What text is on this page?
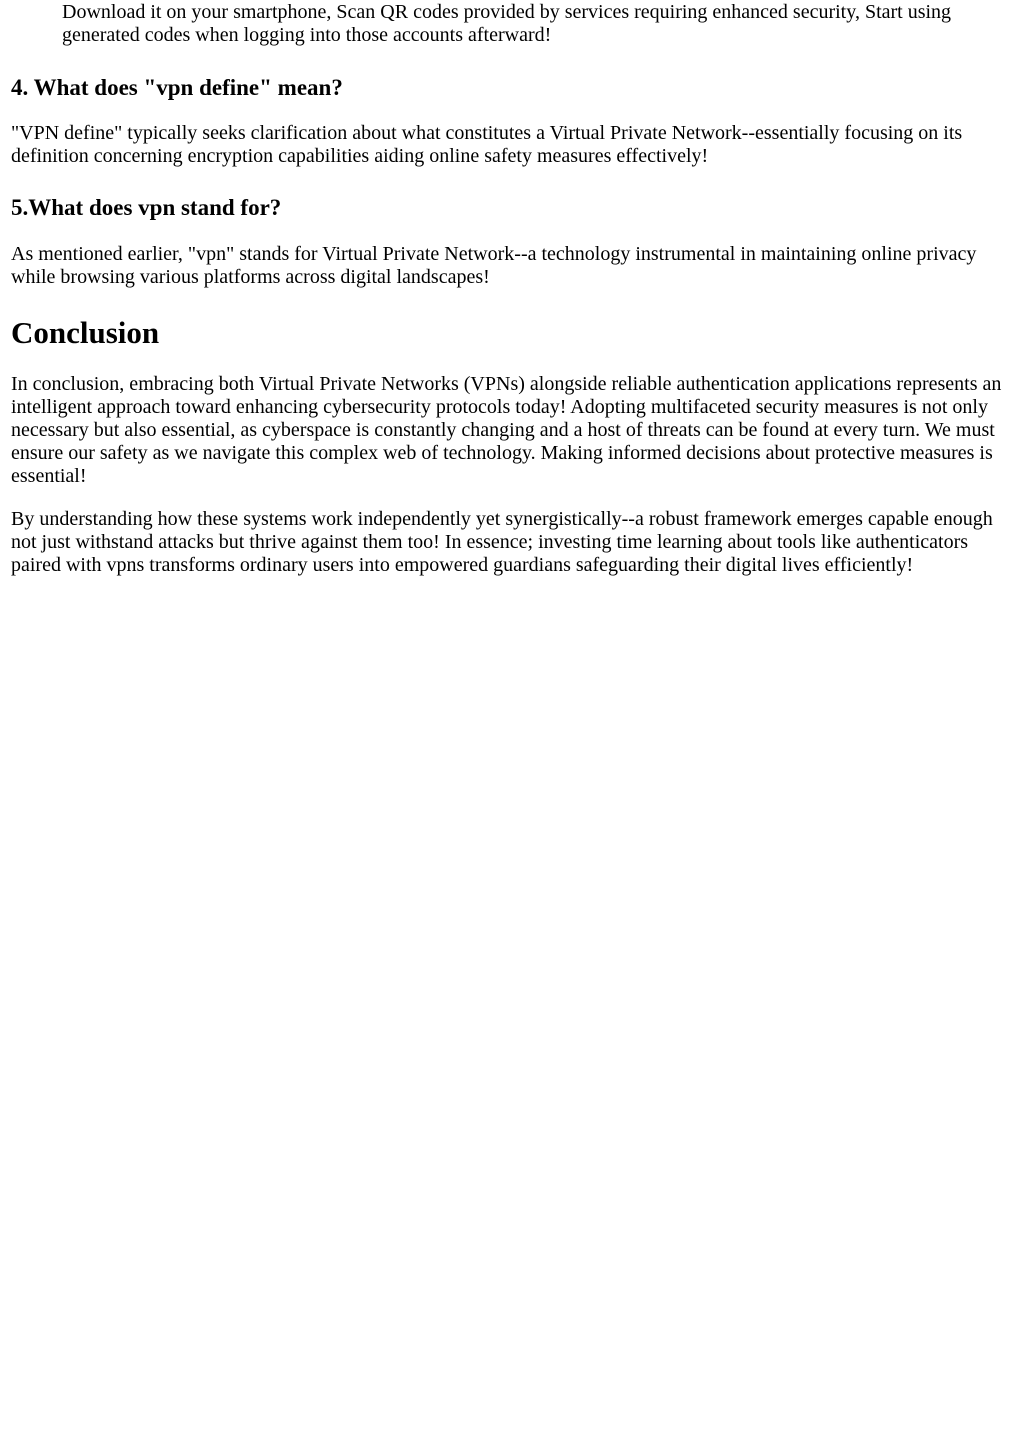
Download it on your smartphone, Scan QR codes provided by services requiring enhanced security, Start using generated codes when logging into those accounts afterward!

4. What does "vpn define" mean?

"VPN define" typically seeks clarification about what constitutes a Virtual Private Network--essentially focusing on its definition concerning encryption capabilities aiding online safety measures effectively!

5.What does vpn stand for?

As mentioned earlier, "vpn" stands for Virtual Private Network--a technology instrumental in maintaining online privacy while browsing various platforms across digital landscapes!

Conclusion

In conclusion, embracing both Virtual Private Networks (VPNs) alongside reliable authentication applications represents an intelligent approach toward enhancing cybersecurity protocols today! Adopting multifaceted security measures is not only necessary but also essential, as cyberspace is constantly changing and a host of threats can be found at every turn. We must ensure our safety as we navigate this complex web of technology. Making informed decisions about protective measures is essential!

By understanding how these systems work independently yet synergistically--a robust framework emerges capable enough not just withstand attacks but thrive against them too! In essence; investing time learning about tools like authenticators paired with vpns transforms ordinary users into empowered guardians safeguarding their digital lives efficiently!
